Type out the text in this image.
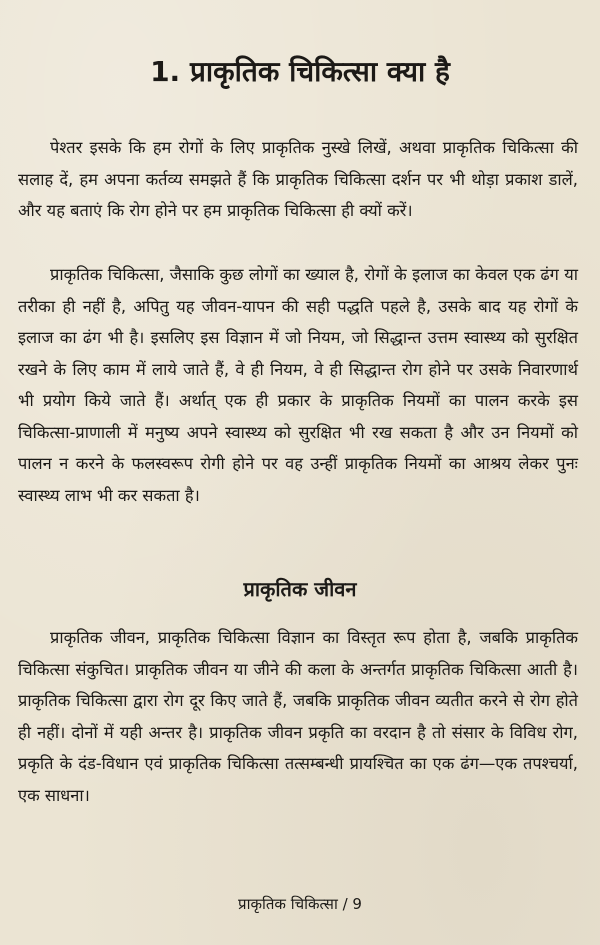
1. प्राकृतिक चिकित्सा क्या है

पेश्तर इसके कि हम रोगों के लिए प्राकृतिक नुस्खे लिखें, अथवा प्राकृतिक चिकित्सा की सलाह दें, हम अपना कर्तव्य समझते हैं कि प्राकृतिक चिकित्सा दर्शन पर भी थोड़ा प्रकाश डालें, और यह बताएं कि रोग होने पर हम प्राकृतिक चिकित्सा ही क्यों करें।

प्राकृतिक चिकित्सा, जैसाकि कुछ लोगों का ख्याल है, रोगों के इलाज का केवल एक ढंग या तरीका ही नहीं है, अपितु यह जीवन-यापन की सही पद्धति पहले है, उसके बाद यह रोगों के इलाज का ढंग भी है। इसलिए इस विज्ञान में जो नियम, जो सिद्धान्त उत्तम स्वास्थ्य को सुरक्षित रखने के लिए काम में लाये जाते हैं, वे ही नियम, वे ही सिद्धान्त रोग होने पर उसके निवारणार्थ भी प्रयोग किये जाते हैं। अर्थात् एक ही प्रकार के प्राकृतिक नियमों का पालन करके इस चिकित्सा-प्राणाली में मनुष्य अपने स्वास्थ्य को सुरक्षित भी रख सकता है और उन नियमों को पालन न करने के फलस्वरूप रोगी होने पर वह उन्हीं प्राकृतिक नियमों का आश्रय लेकर पुनः स्वास्थ्य लाभ भी कर सकता है।

प्राकृतिक जीवन

प्राकृतिक जीवन, प्राकृतिक चिकित्सा विज्ञान का विस्तृत रूप होता है, जबकि प्राकृतिक चिकित्सा संकुचित। प्राकृतिक जीवन या जीने की कला के अन्तर्गत प्राकृतिक चिकित्सा आती है। प्राकृतिक चिकित्सा द्वारा रोग दूर किए जाते हैं, जबकि प्राकृतिक जीवन व्यतीत करने से रोग होते ही नहीं। दोनों में यही अन्तर है। प्राकृतिक जीवन प्रकृति का वरदान है तो संसार के विविध रोग, प्रकृति के दंड-विधान एवं प्राकृतिक चिकित्सा तत्सम्बन्धी प्रायश्चित का एक ढंग—एक तपश्चर्या, एक साधना।

प्राकृतिक चिकित्सा / 9
